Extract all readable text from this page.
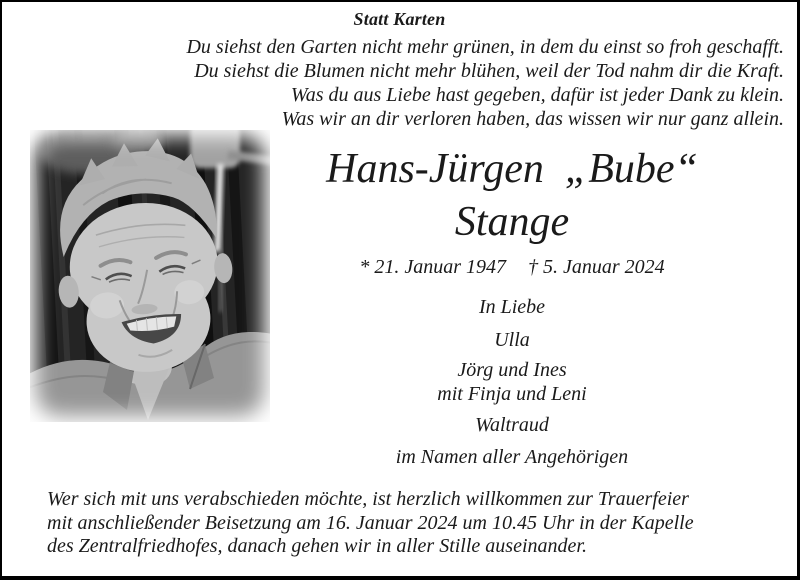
Statt Karten
Du siehst den Garten nicht mehr grünen, in dem du einst so froh geschafft.
Du siehst die Blumen nicht mehr blühen, weil der Tod nahm dir die Kraft.
Was du aus Liebe hast gegeben, dafür ist jeder Dank zu klein.
Was wir an dir verloren haben, das wissen wir nur ganz allein.
Hans-Jürgen  „Bube“
Stange
* 21. Januar 1947 † 5. Januar 2024
In Liebe
Ulla
Jörg und Ines
mit Finja und Leni
Waltraud
im Namen aller Angehörigen
Wer sich mit uns verabschieden möchte, ist herzlich willkommen zur Trauerfeier
mit anschließender Beisetzung am 16. Januar 2024 um 10.45 Uhr in der Kapelle
des Zentralfriedhofes, danach gehen wir in aller Stille auseinander.
